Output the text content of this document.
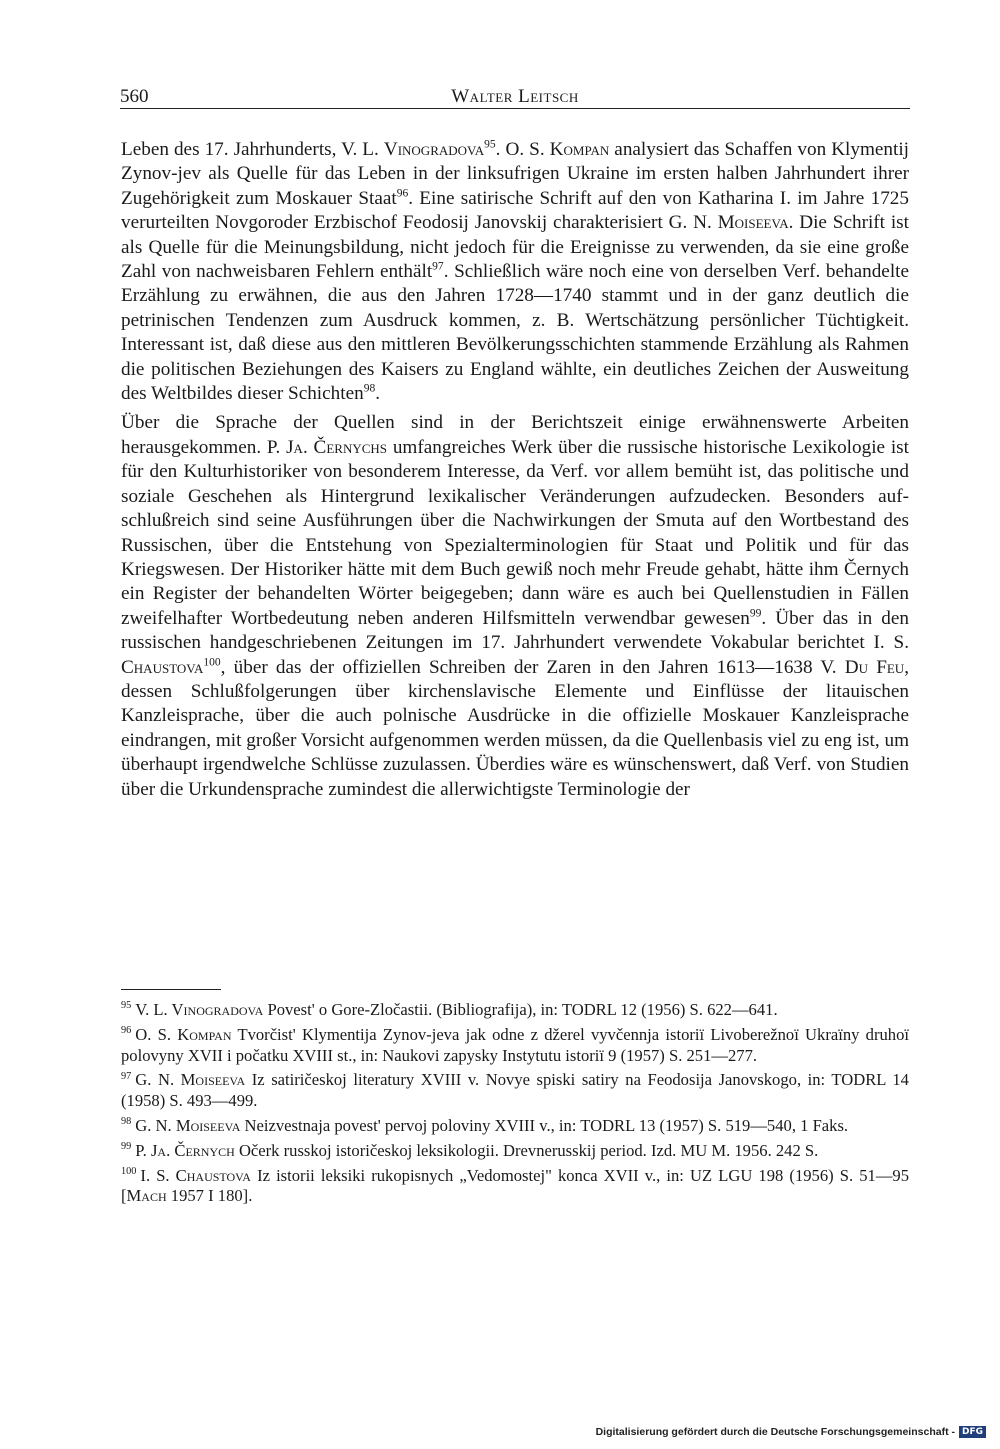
560	Walter Leitsch

Leben des 17. Jahrhunderts, V. L. Vinogradova$^{95}$. O. S. Kompan analysiert das Schaffen von Klymentij Zynov-jev als Quelle für das Leben in der linksufrigen Ukraine im ersten halben Jahrhundert ihrer Zugehörigkeit zum Moskauer Staat$^{96}$. Eine satirische Schrift auf den von Katharina I. im Jahre 1725 verurteilten Novgoroder Erzbischof Feodosij Janovskij charakterisiert G. N. Moiseeva. Die Schrift ist als Quelle für die Meinungsbildung, nicht jedoch für die Ereignisse zu verwenden, da sie eine große Zahl von nachweisbaren Fehlern enthält$^{97}$. Schließlich wäre noch eine von derselben Verf. behandelte Erzählung zu erwähnen, die aus den Jahren 1728—1740 stammt und in der ganz deutlich die petrinischen Tendenzen zum Ausdruck kommen, z. B. Wertschätzung persönlicher Tüchtigkeit. Interessant ist, daß diese aus den mittleren Bevölkerungsschichten stammende Erzählung als Rahmen die politischen Beziehungen des Kaisers zu England wählte, ein deutliches Zeichen der Ausweitung des Weltbildes dieser Schichten$^{98}$.

Über die Sprache der Quellen sind in der Berichtszeit einige erwähnenswerte Arbeiten herausgekommen. P. Ja. Černychs umfangreiches Werk über die russische historische Lexikologie ist für den Kulturhistoriker von besonderem Interesse, da Verf. vor allem bemüht ist, das politische und soziale Geschehen als Hintergrund lexikalischer Veränderungen aufzudecken. Besonders aufschlußreich sind seine Ausführungen über die Nachwirkungen der Smuta auf den Wortbestand des Russischen, über die Entstehung von Spezialterminologien für Staat und Politik und für das Kriegswesen. Der Historiker hätte mit dem Buch gewiß noch mehr Freude gehabt, hätte ihm Černych ein Register der behandelten Wörter beigegeben; dann wäre es auch bei Quellenstudien in Fällen zweifelhafter Wortbedeutung neben anderen Hilfsmitteln verwendbar gewesen$^{99}$. Über das in den russischen handgeschriebenen Zeitungen im 17. Jahrhundert verwendete Vokabular berichtet I. S. Chaustova$^{100}$, über das der offiziellen Schreiben der Zaren in den Jahren 1613—1638 V. Du Feu, dessen Schlußfolgerungen über kirchenslavische Elemente und Einflüsse der litauischen Kanzleisprache, über die auch polnische Ausdrücke in die offizielle Moskauer Kanzleisprache eindrangen, mit großer Vorsicht aufgenommen werden müssen, da die Quellenbasis viel zu eng ist, um überhaupt irgendwelche Schlüsse zuzulassen. Überdies wäre es wünschenswert, daß Verf. von Studien über die Urkundensprache zumindest die allerwichtigste Terminologie der

$^{95}$ V. L. Vinogradova Povest' o Gore-Zločastii. (Bibliografija), in: TODRL 12 (1956) S. 622—641.

$^{96}$ O. S. Kompan Tvorčist' Klymentija Zynov-jeva jak odne z džerel vyvčennja istoriï Livoberežnoï Ukraïny druhoï polovyny XVII i počatku XVIII st., in: Naukovi zapysky Instytutu istoriï 9 (1957) S. 251—277.

$^{97}$ G. N. Moiseeva Iz satiričeskoj literatury XVIII v. Novye spiski satiry na Feodosija Janovskogo, in: TODRL 14 (1958) S. 493—499.

$^{98}$ G. N. Moiseeva Neizvestnaja povest' pervoj poloviny XVIII v., in: TODRL 13 (1957) S. 519—540, 1 Faks.

$^{99}$ P. Ja. Černych Očerk russkoj istoričeskoj leksikologii. Drevnerusskij period. Izd. MU M. 1956. 242 S.

$^{100}$ I. S. Chaustova Iz istorii leksiki rukopisnych „Vedomostej" konca XVII v., in: UZ LGU 198 (1956) S. 51—95 [Mach 1957 I 180].

Digitalisierung gefördert durch die Deutsche Forschungsgemeinschaft - DFG
